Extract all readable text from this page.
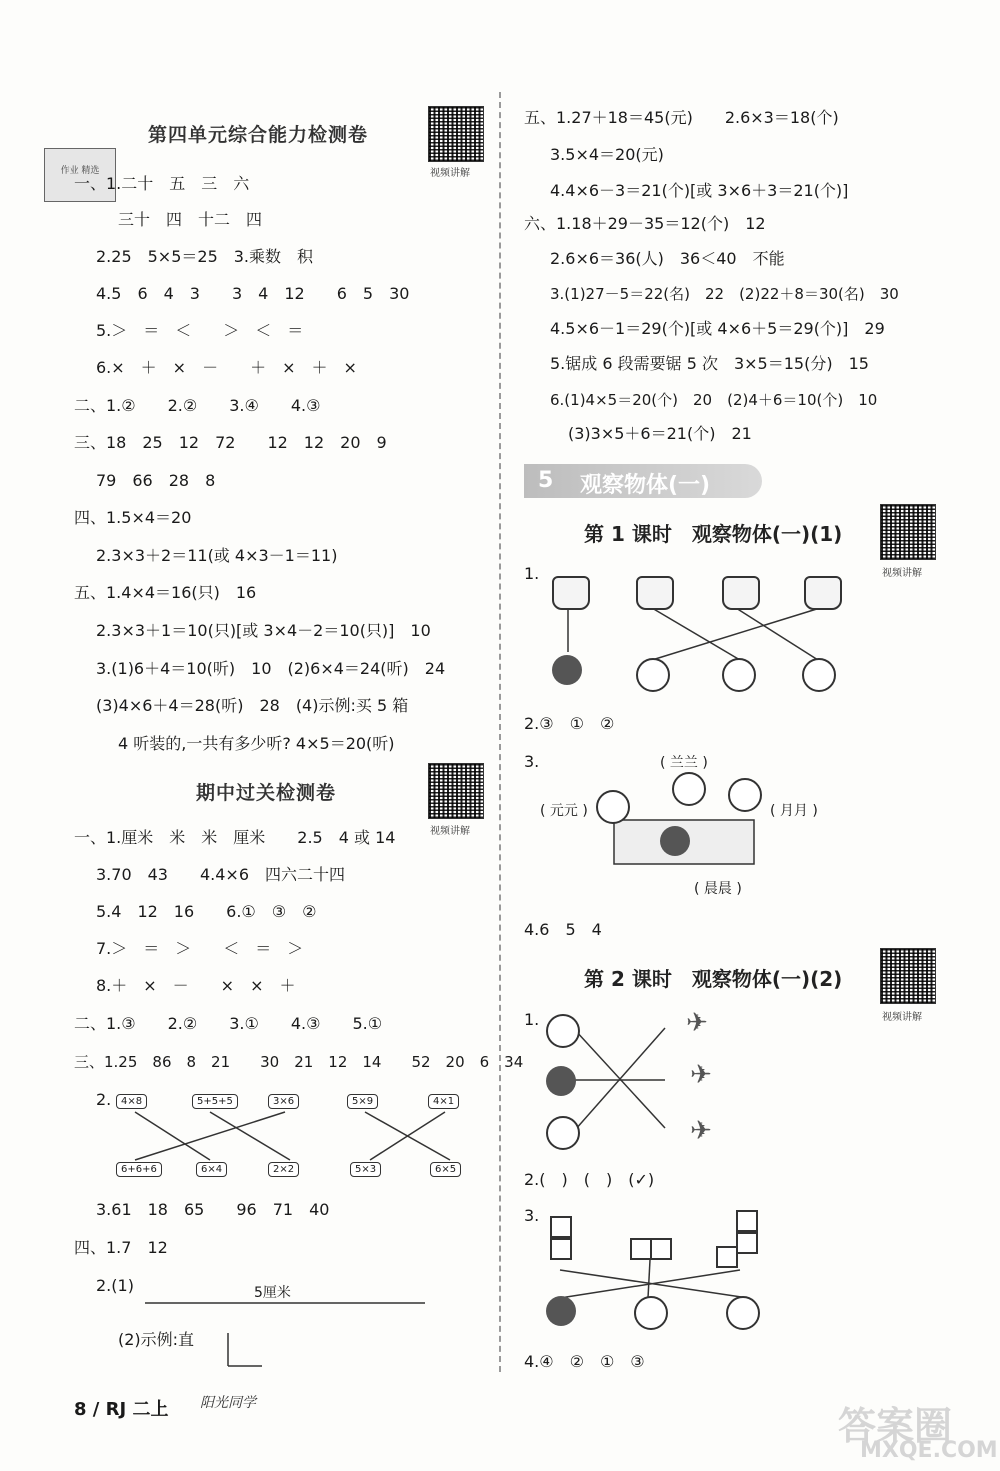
第四单元综合能力检测卷
视频讲解
作业 精选
一、1.二十　五　三　六
三十　四　十二　四
2.25　5×5＝25　3.乘数　积
4.5　6　4　3　　3　4　12　　6　5　30
5.＞　＝　＜　　＞　＜　＝
6.×　＋　×　－　　＋　×　＋　×
二、1.②　　2.②　　3.④　　4.③
三、18　25　12　72　　12　12　20　9
79　66　28　8
四、1.5×4＝20
2.3×3＋2＝11(或 4×3－1＝11)
五、1.4×4＝16(只)　16
2.3×3＋1＝10(只)[或 3×4－2＝10(只)]　10
3.(1)6＋4＝10(听)　10　(2)6×4＝24(听)　24
(3)4×6＋4＝28(听)　28　(4)示例:买 5 箱
4 听装的,一共有多少听? 4×5＝20(听)
期中过关检测卷
视频讲解
一、1.厘米　米　米　厘米　　2.5　4 或 14
3.70　43　　4.4×6　四六二十四
5.4　12　16　　6.①　③　②
7.＞　＝　＞　　＜　＝　＞
8.＋　×　－　　×　×　＋
二、1.③　　2.②　　3.①　　4.③　　5.①
三、1.25　86　8　21　　30　21　12　14　　52　20　6　34
2. 4×8	5+5+5	3×6	5×9	4×1
6+6+6	6×4	2×2	5×3	6×5
3.61　18　65　　96　71　40
四、1.7　12
2.(1)	5厘米
(2)示例:直
8 / RJ 二上 阳光同学
五、1.27＋18＝45(元)　　2.6×3＝18(个)
3.5×4＝20(元)
4.4×6－3＝21(个)[或 3×6＋3＝21(个)]
六、1.18＋29－35＝12(个)　12
2.6×6＝36(人)　36＜40　不能
3.(1)27－5＝22(名)　22　(2)22＋8＝30(名)　30
4.5×6－1＝29(个)[或 4×6＋5＝29(个)]　29
5.锯成 6 段需要锯 5 次　3×5＝15(分)　15
6.(1)4×5＝20(个)　20　(2)4＋6＝10(个)　10
(3)3×5＋6＝21(个)　21
5 观察物体(一)
第 1 课时　观察物体(一)(1)
视频讲解
1.
2.③　①　②
3.	( 兰兰 )
( 元元 )	( 月月 )
( 晨晨 )
4.6　5　4
第 2 课时　观察物体(一)(2)
视频讲解
1.	✈
✈
✈
2.(　)　(　)　(✓)
3.
4.④　②　①　③
答案圈
MXQE.COM
